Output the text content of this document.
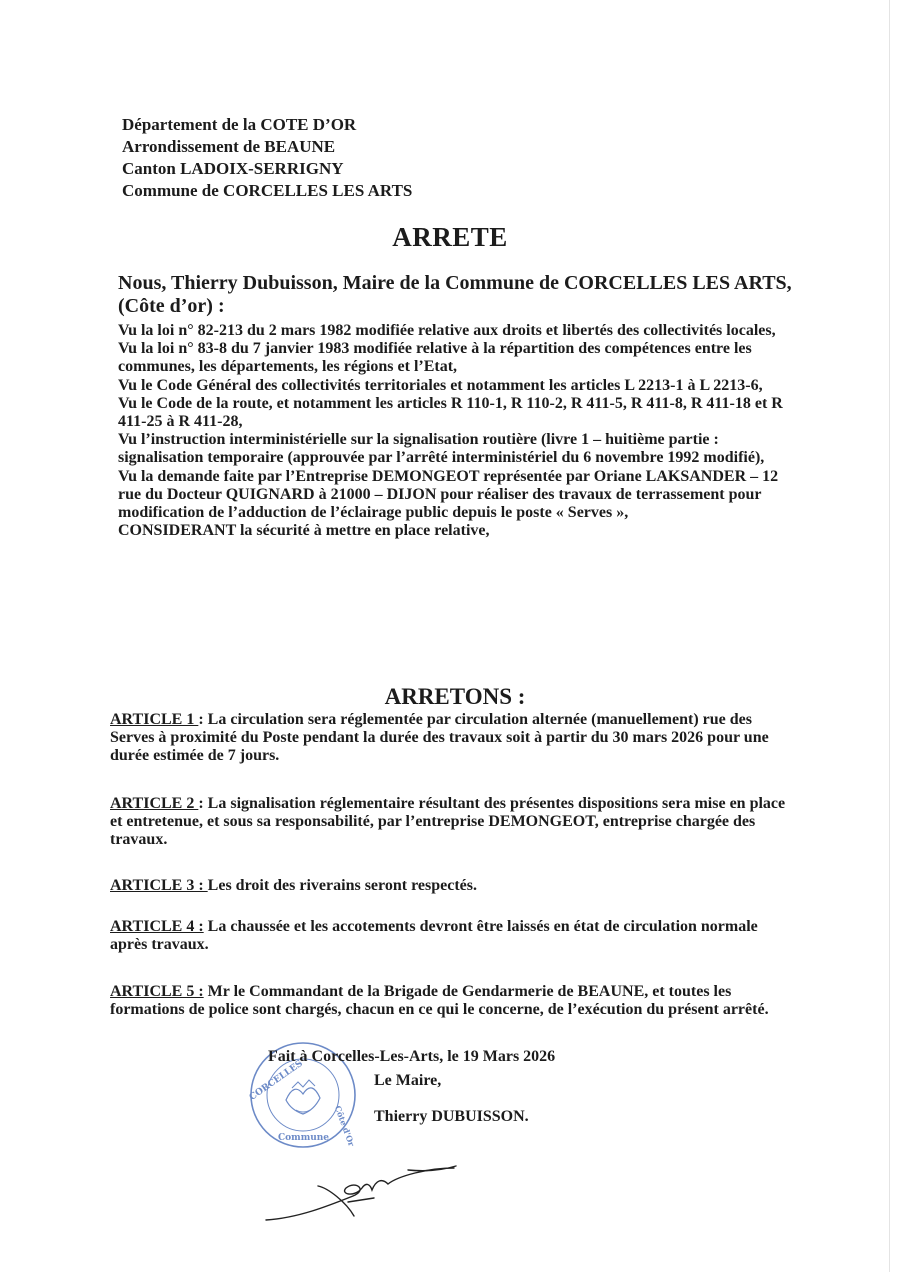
Département de la COTE D’OR
Arrondissement de BEAUNE
Canton LADOIX-SERRIGNY
Commune de CORCELLES LES ARTS
ARRETE
Nous, Thierry Dubuisson, Maire de la Commune de CORCELLES LES ARTS, (Côte d’or) :

Vu la loi n° 82-213 du 2 mars 1982 modifiée relative aux droits et libertés des collectivités locales,

Vu la loi n° 83-8 du 7 janvier 1983 modifiée relative à la répartition des compétences entre les communes, les départements, les régions et l’Etat,

Vu le Code Général des collectivités territoriales et notamment les articles L 2213-1 à L 2213-6,

Vu le Code de la route, et notamment les articles R 110-1, R 110-2, R 411-5, R 411-8, R 411-18 et R 411-25 à R 411-28,

Vu l’instruction interministérielle sur la signalisation routière (livre 1 – huitième partie : signalisation temporaire (approuvée par l’arrêté interministériel du 6 novembre 1992 modifié),

Vu la demande faite par l’Entreprise DEMONGEOT représentée par Oriane LAKSANDER – 12 rue du Docteur QUIGNARD à 21000 – DIJON pour réaliser des travaux de terrassement pour modification de l’adduction de l’éclairage public depuis le poste « Serves »,

CONSIDERANT la sécurité à mettre en place relative,

ARRETONS :

ARTICLE 1 : La circulation sera réglementée par circulation alternée (manuellement) rue des Serves à proximité du Poste pendant la durée des travaux soit à partir du 30 mars 2026 pour une durée estimée de 7 jours.

ARTICLE 2 : La signalisation réglementaire résultant des présentes dispositions sera mise en place et entretenue, et sous sa responsabilité, par l’entreprise DEMONGEOT, entreprise chargée des travaux.

ARTICLE 3 : Les droit des riverains seront respectés.

ARTICLE 4 : La chaussée et les accotements devront être laissés en état de circulation normale après travaux.

ARTICLE 5 : Mr le Commandant de la Brigade de Gendarmerie de BEAUNE, et toutes les formations de police sont chargés, chacun en ce qui le concerne, de l’exécution du présent arrêté.

CORCELLES
Commune Côte d'Or
Fait à Corcelles-Les-Arts, le 19 Mars 2026
Le Maire,
Thierry DUBUISSON.
